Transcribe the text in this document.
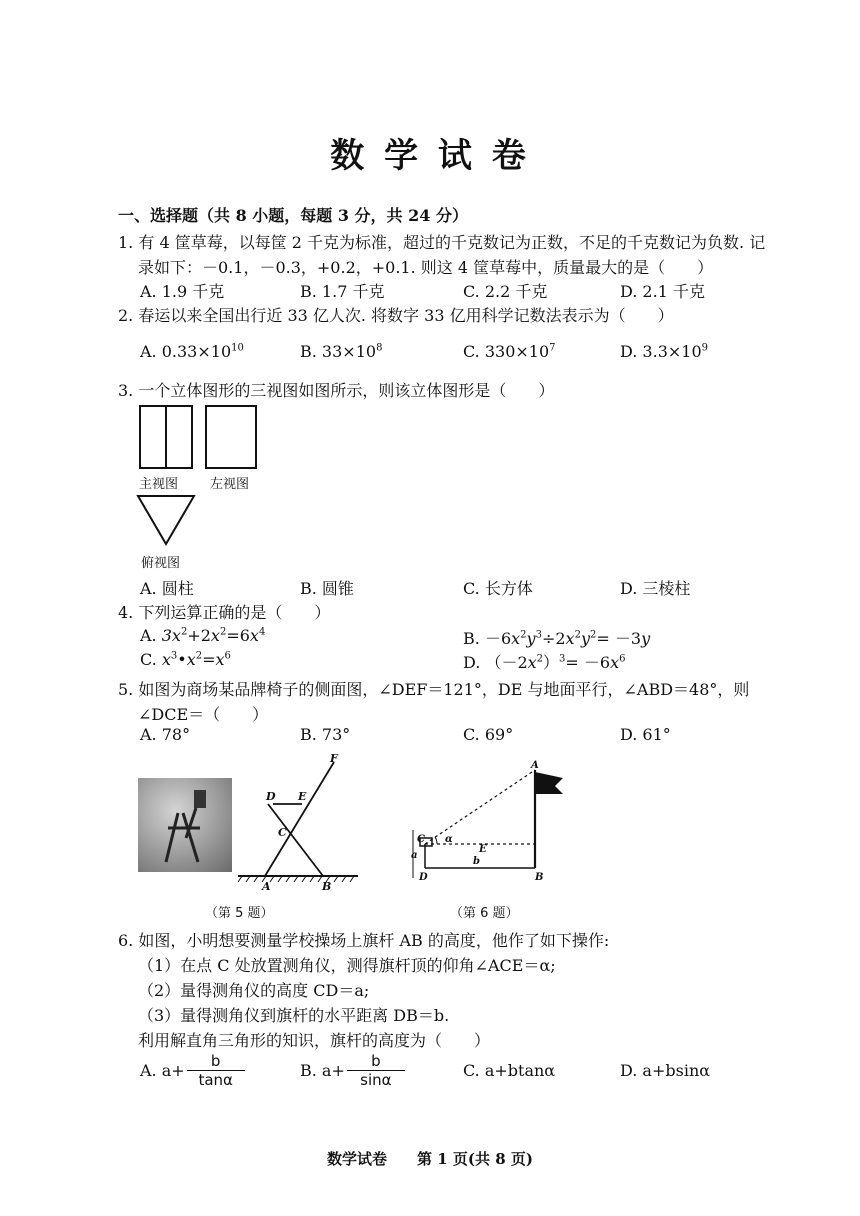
数 学 试 卷
一、选择题（共 8 小题，每题 3 分，共 24 分）
1. 有 4 筐草莓，以每筐 2 千克为标准，超过的千克数记为正数，不足的千克数记为负数. 记
录如下：－0.1，－0.3，+0.2，+0.1. 则这 4 筐草莓中，质量最大的是（　　）
A. 1.9 千克	B. 1.7 千克	C. 2.2 千克	D. 2.1 千克
2. 春运以来全国出行近 33 亿人次. 将数字 33 亿用科学记数法表示为（　　）
A. $0.33\times 10^{10}$	B. $33\times 10^8$	C. $330\times 10^7$	D. $3.3\times 10^9$
3. 一个立体图形的三视图如图所示，则该立体图形是（　　）
主视图 左视图
俯视图
A. 圆柱	B. 圆锥	C. 长方体	D. 三棱柱
4. 下列运算正确的是（　　）
A. $3x^2+2x^2=6x^4$	B. $-6x^2y^3\div 2x^2y^2= -3y$
C. $x^3•x^2=x^6$	D. $(-2x^2)^3= -6x^6$
5. 如图为商场某品牌椅子的侧面图，∠DEF＝121°，DE 与地面平行，∠ABD＝48°，则
∠DCE＝（　　）
A. 78°	B. 73°	C. 69°	D. 61°
F
D E
C
A	B
（第 5 题）
A
C
E
D	B
a
b
α
（第 6 题）
6. 如图，小明想要测量学校操场上旗杆 AB 的高度，他作了如下操作:
（1）在点 C 处放置测角仪，测得旗杆顶的仰角∠ACE＝α;
（2）量得测角仪的高度 CD＝a;
（3）量得测角仪到旗杆的水平距离 DB＝b.
利用解直角三角形的知识，旗杆的高度为（　　）
A. $a+ \frac{b}{\tan\alpha}$	B. $a+ \frac{b}{\sin\alpha}$	C. a+btanα	D. a+bsinα
数学试卷　　第 1 页(共 8 页)
